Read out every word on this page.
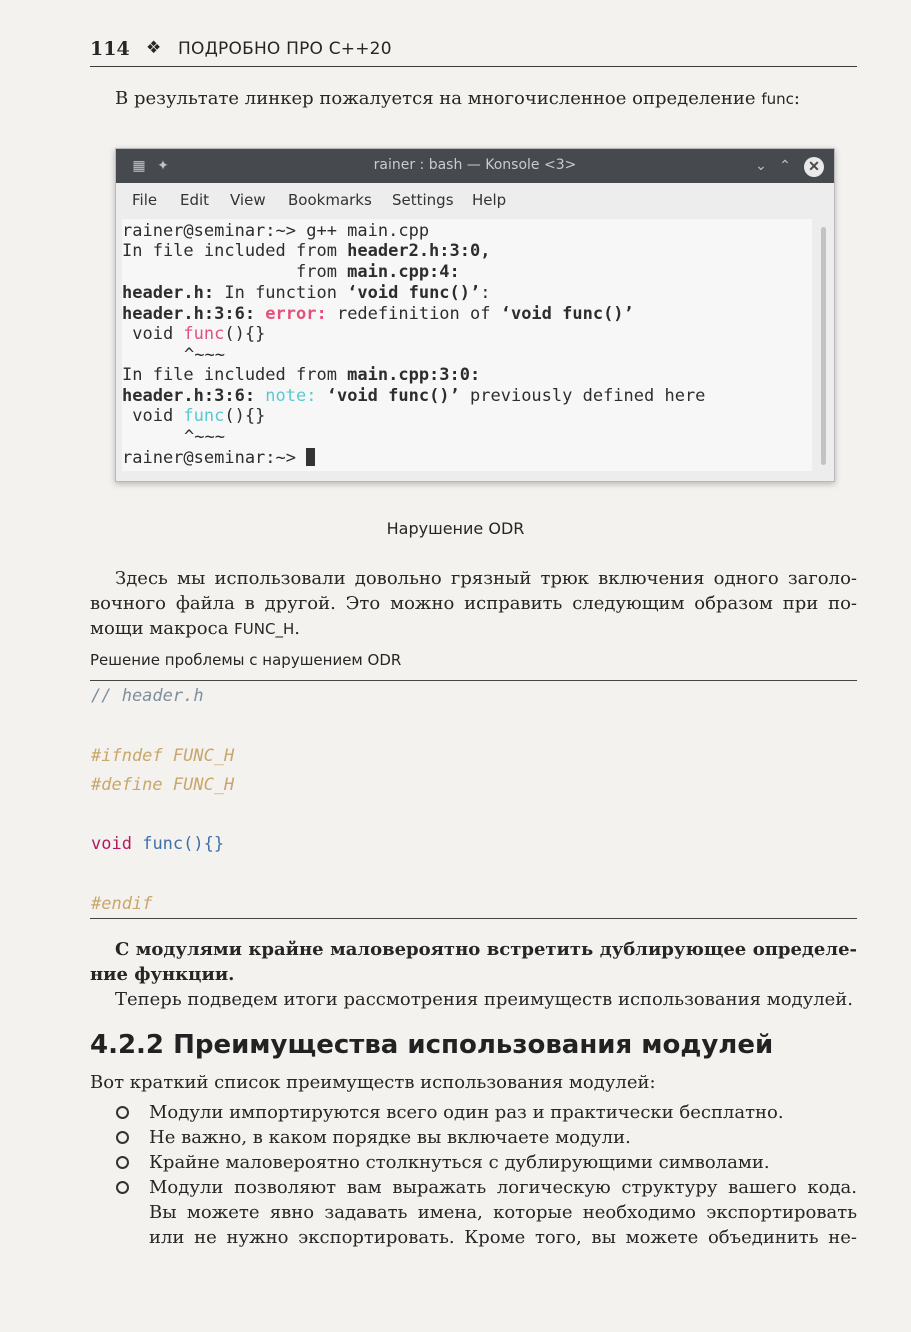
114 ❖ ПОДРОБНО ПРО C++20

В результате линкер пожалуется на многочисленное определение func:

▦ ✦	rainer : bash — Konsole <3>	⌄ ⌃ ✕
File Edit View Bookmarks Settings Help
rainer@seminar:~> g++ main.cpp
In file included from header2.h:3:0,
from main.cpp:4:
header.h: In function ‘void func()’:
header.h:3:6: error: redefinition of ‘void func()’
void func(){}
^~~~
In file included from main.cpp:3:0:
header.h:3:6: note: ‘void func()’ previously defined here
void func(){}
^~~~
rainer@seminar:~>
Нарушение ODR
Здесь мы использовали довольно грязный трюк включения одного заголо-
вочного файла в другой. Это можно исправить следующим образом при по-
мощи макроса FUNC_H.
Решение проблемы с нарушением ODR
// header.h
#ifndef FUNC_H
#define FUNC_H
void func(){}
#endif
С модулями крайне маловероятно встретить дублирующее определе-
ние функции.
Теперь подведем итоги рассмотрения преимуществ использования модулей.
4.2.2 Преимущества использования модулей
Вот краткий список преимуществ использования модулей:
Модули импортируются всего один раз и практически бесплатно.
Не важно, в каком порядке вы включаете модули.
Крайне маловероятно столкнуться с дублирующими символами.
Модули позволяют вам выражать логическую структуру вашего кода.
Вы можете явно задавать имена, которые необходимо экспортировать
или не нужно экспортировать. Кроме того, вы можете объединить не-
